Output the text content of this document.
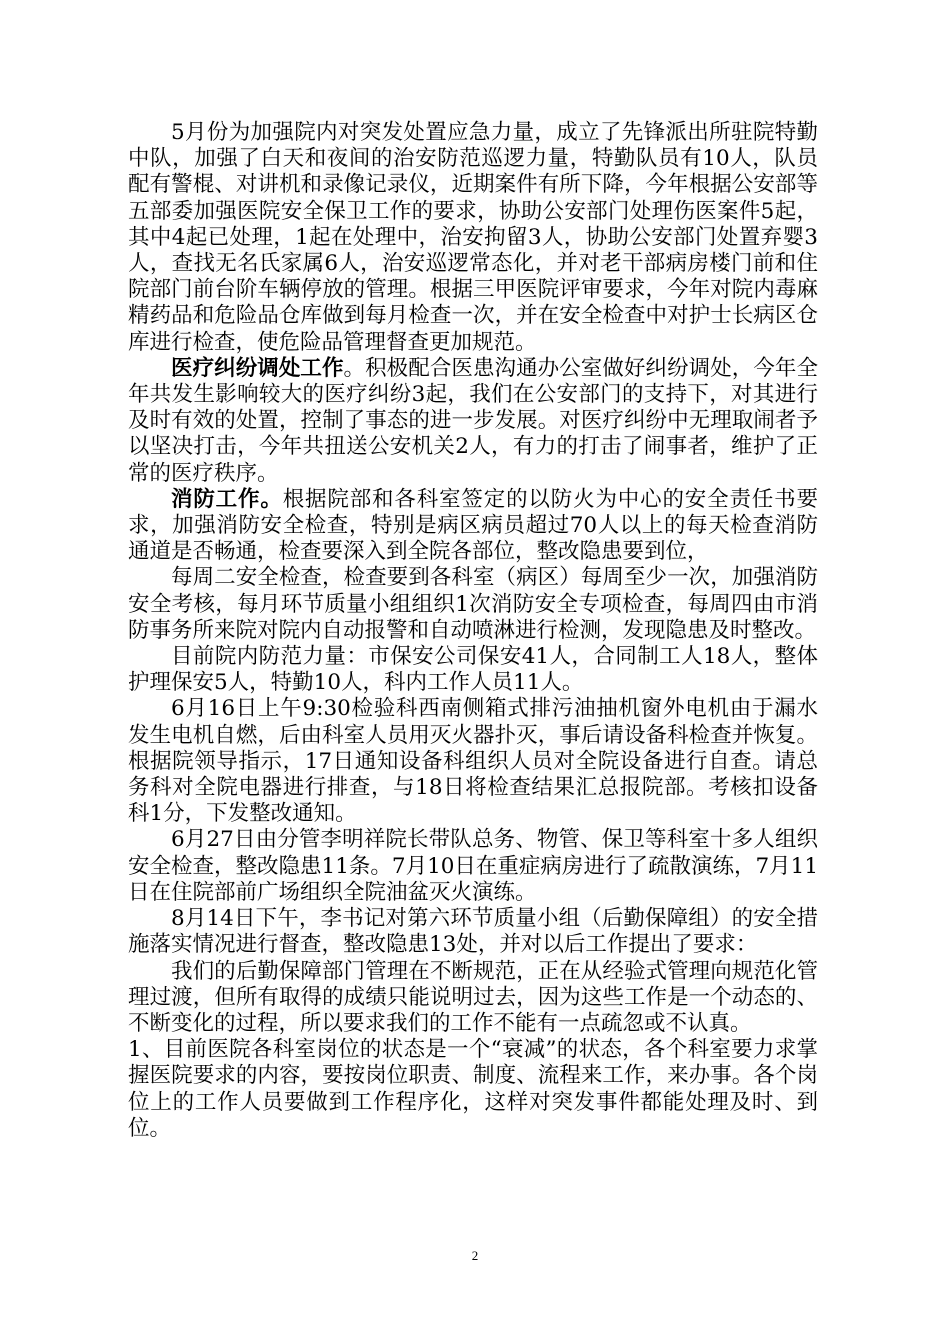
5月份为加强院内对突发处置应急力量，成立了先锋派出所驻院特勤中队，加强了白天和夜间的治安防范巡逻力量，特勤队员有10人，队员配有警棍、对讲机和录像记录仪，近期案件有所下降，今年根据公安部等五部委加强医院安全保卫工作的要求，协助公安部门处理伤医案件5起，其中4起已处理，1起在处理中，治安拘留3人，协助公安部门处置弃婴3人，查找无名氏家属6人，治安巡逻常态化，并对老干部病房楼门前和住院部门前台阶车辆停放的管理。根据三甲医院评审要求，今年对院内毒麻精药品和危险品仓库做到每月检查一次，并在安全检查中对护士长病区仓库进行检查，使危险品管理督查更加规范。

医疗纠纷调处工作。积极配合医患沟通办公室做好纠纷调处，今年全年共发生影响较大的医疗纠纷3起，我们在公安部门的支持下，对其进行及时有效的处置，控制了事态的进一步发展。对医疗纠纷中无理取闹者予以坚决打击，今年共扭送公安机关2人，有力的打击了闹事者，维护了正常的医疗秩序。

消防工作。根据院部和各科室签定的以防火为中心的安全责任书要求，加强消防安全检查，特别是病区病员超过70人以上的每天检查消防通道是否畅通，检查要深入到全院各部位，整改隐患要到位，

每周二安全检查，检查要到各科室（病区）每周至少一次，加强消防安全考核，每月环节质量小组组织1次消防安全专项检查，每周四由市消防事务所来院对院内自动报警和自动喷淋进行检测，发现隐患及时整改。

目前院内防范力量：市保安公司保安41人，合同制工人18人，整体护理保安5人，特勤10人，科内工作人员11人。

6月16日上午9:30检验科西南侧箱式排污油抽机窗外电机由于漏水发生电机自燃，后由科室人员用灭火器扑灭，事后请设备科检查并恢复。根据院领导指示，17日通知设备科组织人员对全院设备进行自查。请总务科对全院电器进行排查，与18日将检查结果汇总报院部。考核扣设备科1分，下发整改通知。

6月27日由分管李明祥院长带队总务、物管、保卫等科室十多人组织安全检查，整改隐患11条。7月10日在重症病房进行了疏散演练，7月11日在住院部前广场组织全院油盆灭火演练。

8月14日下午，李书记对第六环节质量小组（后勤保障组）的安全措施落实情况进行督查，整改隐患13处，并对以后工作提出了要求：

我们的后勤保障部门管理在不断规范，正在从经验式管理向规范化管理过渡，但所有取得的成绩只能说明过去，因为这些工作是一个动态的、不断变化的过程，所以要求我们的工作不能有一点疏忽或不认真。

1、目前医院各科室岗位的状态是一个“衰减”的状态，各个科室要力求掌握医院要求的内容，要按岗位职责、制度、流程来工作，来办事。各个岗位上的工作人员要做到工作程序化，这样对突发事件都能处理及时、到位。

2
